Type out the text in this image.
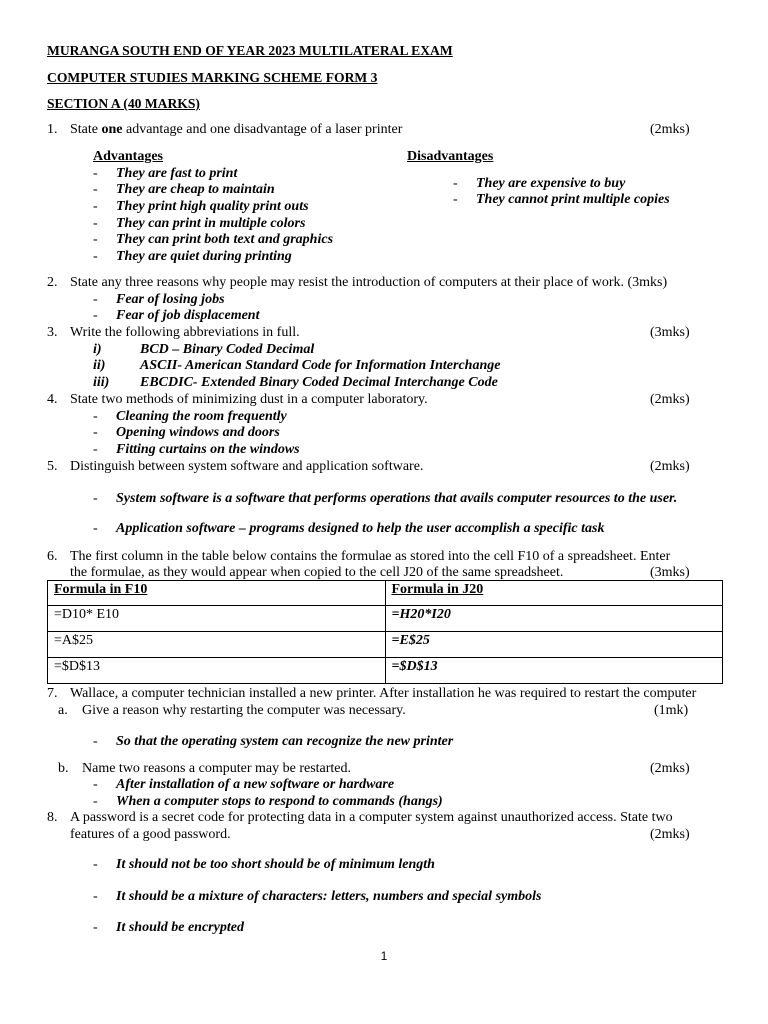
MURANGA SOUTH END OF YEAR 2023 MULTILATERAL EXAM
COMPUTER STUDIES MARKING SCHEME FORM 3
SECTION A (40 MARKS)
1. State one advantage and one disadvantage of a laser printer	(2mks)
Advantages	Disadvantages
- They are fast to print
- They are cheap to maintain
- They print high quality print outs
- They can print in multiple colors
- They can print both text and graphics
- They are quiet during printing
- They are expensive to buy
- They cannot print multiple copies
2. State any three reasons why people may resist the introduction of computers at their place of work. (3mks)
- Fear of losing jobs
- Fear of job displacement
3. Write the following abbreviations in full.	(3mks)
i)	BCD – Binary Coded Decimal
ii) ASCII- American Standard Code for Information Interchange
iii) EBCDIC- Extended Binary Coded Decimal Interchange Code
4. State two methods of minimizing dust in a computer laboratory.	(2mks)
- Cleaning the room frequently
- Opening windows and doors
- Fitting curtains on the windows
5. Distinguish between system software and application software.	(2mks)
- System software is a software that performs operations that avails computer resources to the user.
- Application software – programs designed to help the user accomplish a specific task
6. The first column in the table below contains the formulae as stored into the cell F10 of a spreadsheet. Enter
the formulae, as they would appear when copied to the cell J20 of the same spreadsheet.	(3mks)
Formula in F10	Formula in J20
=D10* E10	=H20*I20
=A$25	=E$25
=$D$13	=$D$13
7. Wallace, a computer technician installed a new printer. After installation he was required to restart the computer
a. Give a reason why restarting the computer was necessary.	(1mk)
- So that the operating system can recognize the new printer
b. Name two reasons a computer may be restarted.	(2mks)
- After installation of a new software or hardware
- When a computer stops to respond to commands (hangs)
8. A password is a secret code for protecting data in a computer system against unauthorized access. State two
features of a good password.	(2mks)
- It should not be too short should be of minimum length
- It should be a mixture of characters: letters, numbers and special symbols
- It should be encrypted
1
